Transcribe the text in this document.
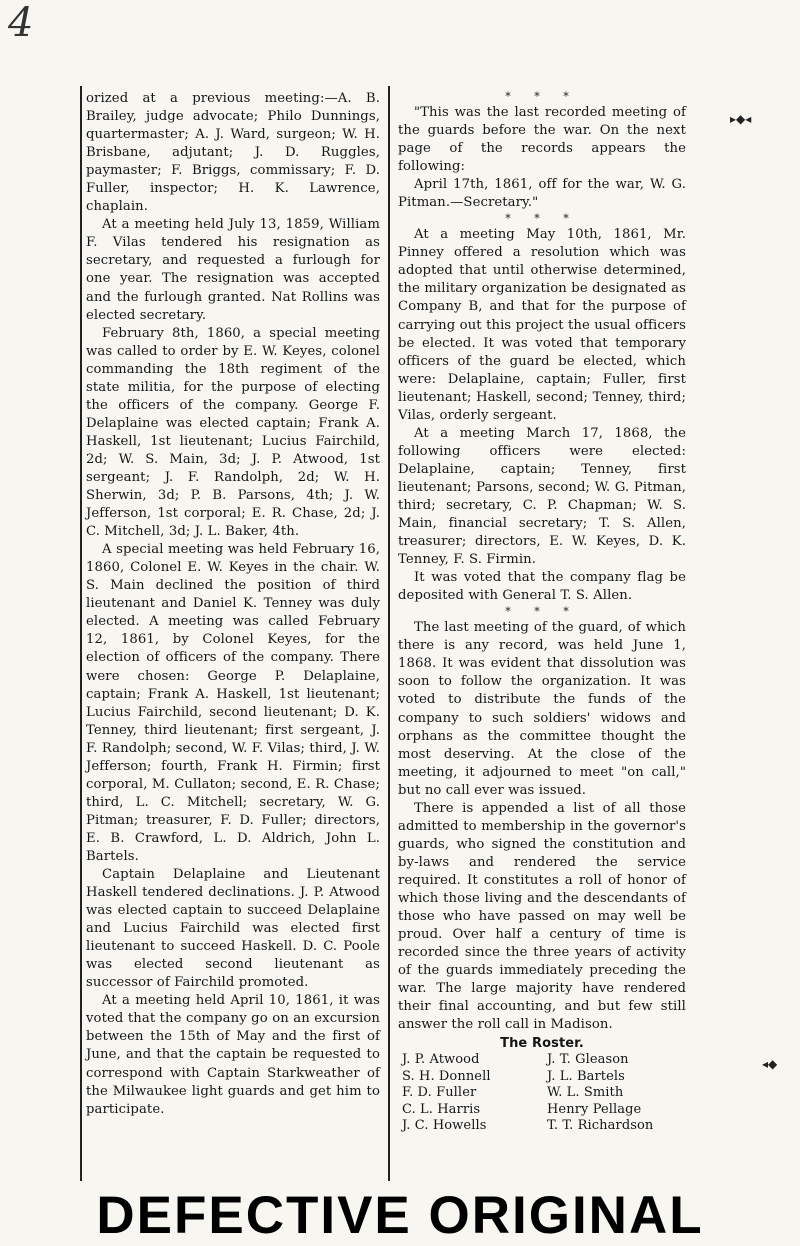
4
▸◆◂
◂◆

orized at a previous meeting:—A. B. Brailey, judge advocate; Philo Dunnings, quartermaster; A. J. Ward, surgeon; W. H. Brisbane, adjutant; J. D. Ruggles, paymaster; F. Briggs, commissary; F. D. Fuller, inspector; H. K. Lawrence, chaplain.

At a meeting held July 13, 1859, William F. Vilas tendered his resignation as secretary, and requested a furlough for one year. The resignation was accepted and the furlough granted. Nat Rollins was elected secretary.

February 8th, 1860, a special meeting was called to order by E. W. Keyes, colonel commanding the 18th regiment of the state militia, for the purpose of electing the officers of the company. George F. Delaplaine was elected captain; Frank A. Haskell, 1st lieutenant; Lucius Fairchild, 2d; W. S. Main, 3d; J. P. Atwood, 1st sergeant; J. F. Randolph, 2d; W. H. Sherwin, 3d; P. B. Parsons, 4th; J. W. Jefferson, 1st corporal; E. R. Chase, 2d; J. C. Mitchell, 3d; J. L. Baker, 4th.

A special meeting was held February 16, 1860, Colonel E. W. Keyes in the chair. W. S. Main declined the position of third lieutenant and Daniel K. Tenney was duly elected. A meeting was called February 12, 1861, by Colonel Keyes, for the election of officers of the company. There were chosen: George P. Delaplaine, captain; Frank A. Haskell, 1st lieutenant; Lucius Fairchild, second lieutenant; D. K. Tenney, third lieutenant; first sergeant, J. F. Randolph; second, W. F. Vilas; third, J. W. Jefferson; fourth, Frank H. Firmin; first corporal, M. Cullaton; second, E. R. Chase; third, L. C. Mitchell; secretary, W. G. Pitman; treasurer, F. D. Fuller; directors, E. B. Crawford, L. D. Aldrich, John L. Bartels.

Captain Delaplaine and Lieutenant Haskell tendered declinations. J. P. Atwood was elected captain to succeed Delaplaine and Lucius Fairchild was elected first lieutenant to succeed Haskell. D. C. Poole was elected second lieutenant as successor of Fairchild promoted.

At a meeting held April 10, 1861, it was voted that the company go on an excursion between the 15th of May and the first of June, and that the captain be requested to correspond with Captain Starkweather of the Milwaukee light guards and get him to participate.

* * *

"This was the last recorded meeting of the guards before the war. On the next page of the records appears the following:

April 17th, 1861, off for the war, W. G. Pitman.—Secretary."

* * *

At a meeting May 10th, 1861, Mr. Pinney offered a resolution which was adopted that until otherwise determined, the military organization be designated as Company B, and that for the purpose of carrying out this project the usual officers be elected. It was voted that temporary officers of the guard be elected, which were: Delaplaine, captain; Fuller, first lieutenant; Haskell, second; Tenney, third; Vilas, orderly sergeant.

At a meeting March 17, 1868, the following officers were elected: Delaplaine, captain; Tenney, first lieutenant; Parsons, second; W. G. Pitman, third; secretary, C. P. Chapman; W. S. Main, financial secretary; T. S. Allen, treasurer; directors, E. W. Keyes, D. K. Tenney, F. S. Firmin.

It was voted that the company flag be deposited with General T. S. Allen.

* * *

The last meeting of the guard, of which there is any record, was held June 1, 1868. It was evident that dissolution was soon to follow the organization. It was voted to distribute the funds of the company to such soldiers' widows and orphans as the committee thought the most deserving. At the close of the meeting, it adjourned to meet "on call," but no call ever was issued.

There is appended a list of all those admitted to membership in the governor's guards, who signed the constitution and by-laws and rendered the service required. It constitutes a roll of honor of which those living and the descendants of those who have passed on may well be proud. Over half a century of time is recorded since the three years of activity of the guards immediately preceding the war. The large majority have rendered their final accounting, and but few still answer the roll call in Madison.

The Roster.
J. P. Atwood	J. T. Gleason
S. H. Donnell	J. L. Bartels
F. D. Fuller	W. L. Smith
C. L. Harris	Henry Pellage
J. C. Howells	T. T. Richardson
DEFECTIVE ORIGINAL
